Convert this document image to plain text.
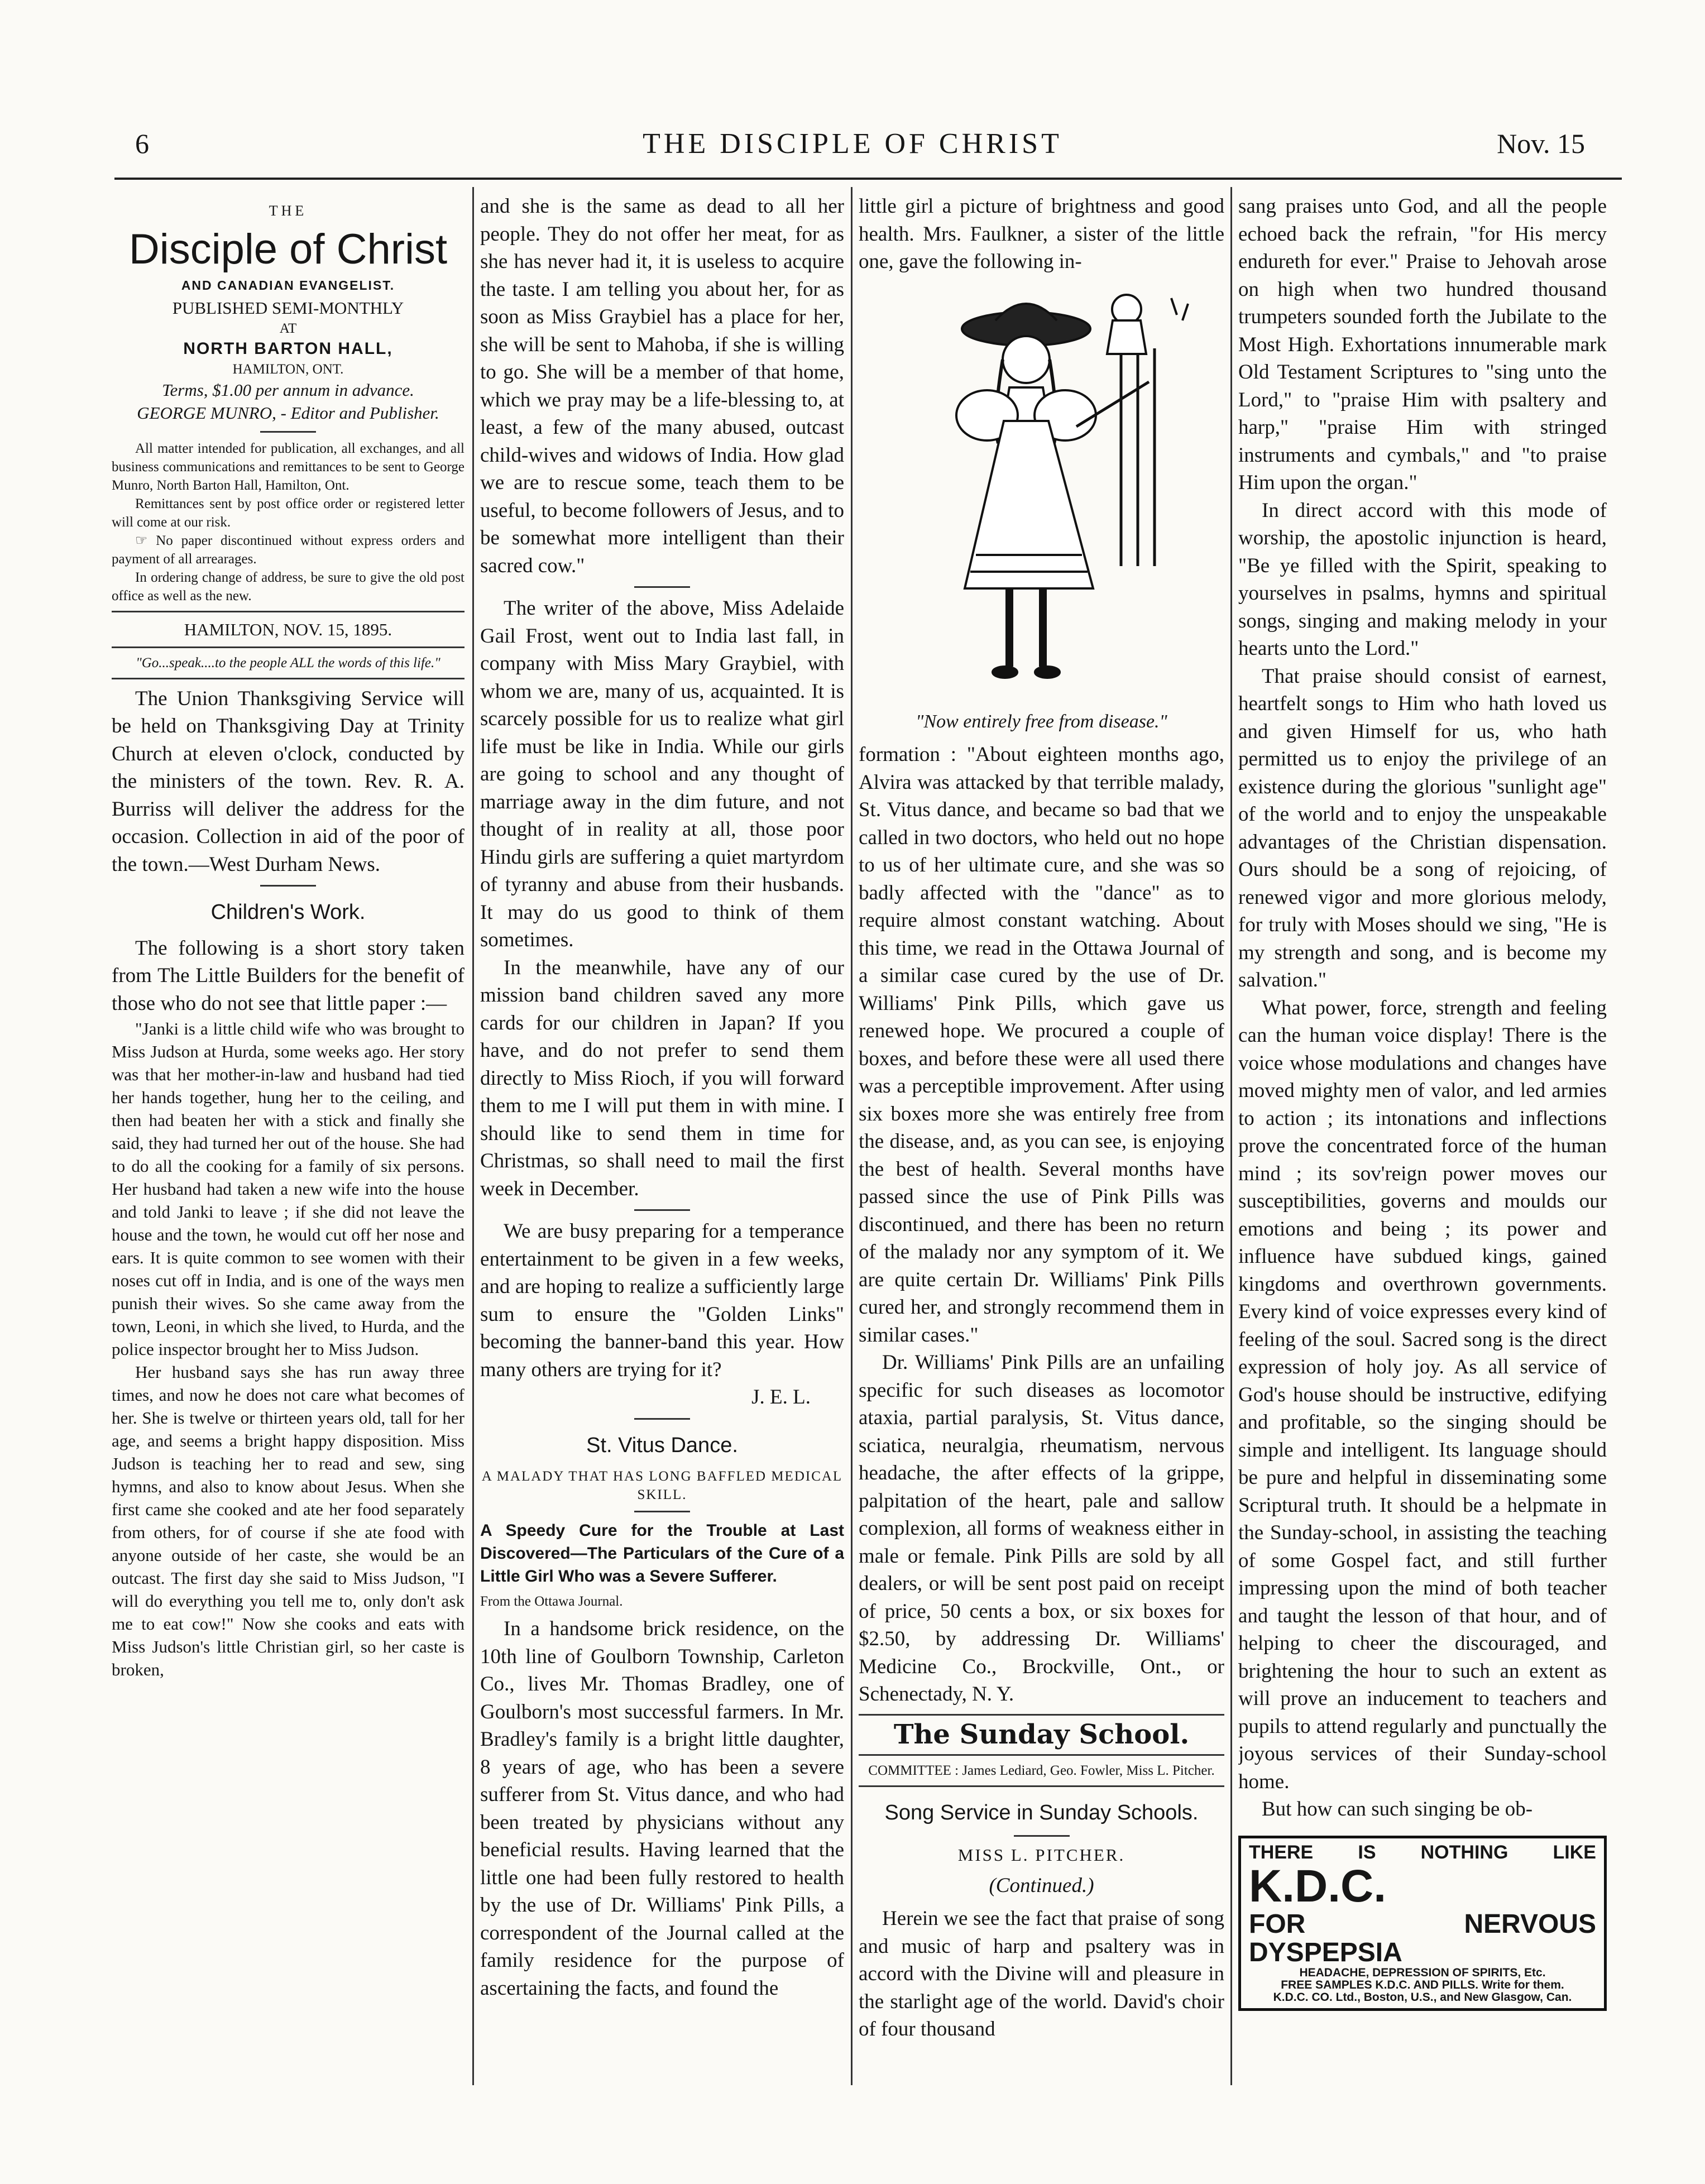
6	THE DISCIPLE OF CHRIST	Nov. 15
THE
Disciple of Christ
AND CANADIAN EVANGELIST.
PUBLISHED SEMI-MONTHLY
AT
NORTH BARTON HALL,
HAMILTON, ONT.
Terms, $1.00 per annum in advance.
GEORGE MUNRO, - Editor and Publisher.

All matter intended for publication, all exchanges, and all business communications and remittances to be sent to George Munro, North Barton Hall, Hamilton, Ont.

Remittances sent by post office order or registered letter will come at our risk.

☞ No paper discontinued without express orders and payment of all arrearages.

In ordering change of address, be sure to give the old post office as well as the new.

HAMILTON, NOV. 15, 1895.
"Go...speak....to the people ALL the words of this life."

The Union Thanksgiving Service will be held on Thanksgiving Day at Trinity Church at eleven o'clock, conducted by the ministers of the town. Rev. R. A. Burriss will deliver the address for the occasion. Collection in aid of the poor of the town.—West Durham News.

Children's Work.

The following is a short story taken from The Little Builders for the benefit of those who do not see that little paper :—

"Janki is a little child wife who was brought to Miss Judson at Hurda, some weeks ago. Her story was that her mother-in-law and husband had tied her hands together, hung her to the ceiling, and then had beaten her with a stick and finally she said, they had turned her out of the house. She had to do all the cooking for a family of six persons. Her husband had taken a new wife into the house and told Janki to leave ; if she did not leave the house and the town, he would cut off her nose and ears. It is quite common to see women with their noses cut off in India, and is one of the ways men punish their wives. So she came away from the town, Leoni, in which she lived, to Hurda, and the police inspector brought her to Miss Judson.

Her husband says she has run away three times, and now he does not care what becomes of her. She is twelve or thirteen years old, tall for her age, and seems a bright happy disposition. Miss Judson is teaching her to read and sew, sing hymns, and also to know about Jesus. When she first came she cooked and ate her food separately from others, for of course if she ate food with anyone outside of her caste, she would be an outcast. The first day she said to Miss Judson, "I will do everything you tell me to, only don't ask me to eat cow!" Now she cooks and eats with Miss Judson's little Christian girl, so her caste is broken,

and she is the same as dead to all her people. They do not offer her meat, for as she has never had it, it is useless to acquire the taste. I am telling you about her, for as soon as Miss Graybiel has a place for her, she will be sent to Mahoba, if she is willing to go. She will be a member of that home, which we pray may be a life-blessing to, at least, a few of the many abused, outcast child-wives and widows of India. How glad we are to rescue some, teach them to be useful, to become followers of Jesus, and to be somewhat more intelligent than their sacred cow."

The writer of the above, Miss Adelaide Gail Frost, went out to India last fall, in company with Miss Mary Graybiel, with whom we are, many of us, acquainted. It is scarcely possible for us to realize what girl life must be like in India. While our girls are going to school and any thought of marriage away in the dim future, and not thought of in reality at all, those poor Hindu girls are suffering a quiet martyrdom of tyranny and abuse from their husbands. It may do us good to think of them sometimes.

In the meanwhile, have any of our mission band children saved any more cards for our children in Japan? If you have, and do not prefer to send them directly to Miss Rioch, if you will forward them to me I will put them in with mine. I should like to send them in time for Christmas, so shall need to mail the first week in December.

We are busy preparing for a temperance entertainment to be given in a few weeks, and are hoping to realize a sufficiently large sum to ensure the "Golden Links" becoming the banner-band this year. How many others are trying for it?

J. E. L.
St. Vitus Dance.
A MALADY THAT HAS LONG BAFFLED MEDICAL SKILL.

A Speedy Cure for the Trouble at Last Discovered—The Particulars of the Cure of a Little Girl Who was a Severe Sufferer.

From the Ottawa Journal.

In a handsome brick residence, on the 10th line of Goulborn Township, Carleton Co., lives Mr. Thomas Bradley, one of Goulborn's most successful farmers. In Mr. Bradley's family is a bright little daughter, 8 years of age, who has been a severe sufferer from St. Vitus dance, and who had been treated by physicians without any beneficial results. Having learned that the little one had been fully restored to health by the use of Dr. Williams' Pink Pills, a correspondent of the Journal called at the family residence for the purpose of ascertaining the facts, and found the

little girl a picture of brightness and good health. Mrs. Faulkner, a sister of the little one, gave the following in-

"Now entirely free from disease."

formation : "About eighteen months ago, Alvira was attacked by that terrible malady, St. Vitus dance, and became so bad that we called in two doctors, who held out no hope to us of her ultimate cure, and she was so badly affected with the "dance" as to require almost constant watching. About this time, we read in the Ottawa Journal of a similar case cured by the use of Dr. Williams' Pink Pills, which gave us renewed hope. We procured a couple of boxes, and before these were all used there was a perceptible improvement. After using six boxes more she was entirely free from the disease, and, as you can see, is enjoying the best of health. Several months have passed since the use of Pink Pills was discontinued, and there has been no return of the malady nor any symptom of it. We are quite certain Dr. Williams' Pink Pills cured her, and strongly recommend them in similar cases."

Dr. Williams' Pink Pills are an unfailing specific for such diseases as locomotor ataxia, partial paralysis, St. Vitus dance, sciatica, neuralgia, rheumatism, nervous headache, the after effects of la grippe, palpitation of the heart, pale and sallow complexion, all forms of weakness either in male or female. Pink Pills are sold by all dealers, or will be sent post paid on receipt of price, 50 cents a box, or six boxes for $2.50, by addressing Dr. Williams' Medicine Co., Brockville, Ont., or Schenectady, N. Y.

The Sunday School.
COMMITTEE : James Lediard, Geo. Fowler, Miss L. Pitcher.
Song Service in Sunday Schools.
MISS L. PITCHER.
(Continued.)

Herein we see the fact that praise of song and music of harp and psaltery was in accord with the Divine will and pleasure in the starlight age of the world. David's choir of four thousand

sang praises unto God, and all the people echoed back the refrain, "for His mercy endureth for ever." Praise to Jehovah arose on high when two hundred thousand trumpeters sounded forth the Jubilate to the Most High. Exhortations innumerable mark Old Testament Scriptures to "sing unto the Lord," to "praise Him with psaltery and harp," "praise Him with stringed instruments and cymbals," and "to praise Him upon the organ."

In direct accord with this mode of worship, the apostolic injunction is heard, "Be ye filled with the Spirit, speaking to yourselves in psalms, hymns and spiritual songs, singing and making melody in your hearts unto the Lord."

That praise should consist of earnest, heartfelt songs to Him who hath loved us and given Himself for us, who hath permitted us to enjoy the privilege of an existence during the glorious "sunlight age" of the world and to enjoy the unspeakable advantages of the Christian dispensation. Ours should be a song of rejoicing, of renewed vigor and more glorious melody, for truly with Moses should we sing, "He is my strength and song, and is become my salvation."

What power, force, strength and feeling can the human voice display! There is the voice whose modulations and changes have moved mighty men of valor, and led armies to action ; its intonations and inflections prove the concentrated force of the human mind ; its sov'reign power moves our susceptibilities, governs and moulds our emotions and being ; its power and influence have subdued kings, gained kingdoms and overthrown governments. Every kind of voice expresses every kind of feeling of the soul. Sacred song is the direct expression of holy joy. As all service of God's house should be instructive, edifying and profitable, so the singing should be simple and intelligent. Its language should be pure and helpful in disseminating some Scriptural truth. It should be a helpmate in the Sunday-school, in assisting the teaching of some Gospel fact, and still further impressing upon the mind of both teacher and taught the lesson of that hour, and of helping to cheer the discouraged, and brightening the hour to such an extent as will prove an inducement to teachers and pupils to attend regularly and punctually the joyous services of their Sunday-school home.

But how can such singing be ob-

THERE IS NOTHING LIKE K.D.C.
FOR NERVOUS DYSPEPSIA
HEADACHE, DEPRESSION OF SPIRITS, Etc.
FREE SAMPLES K.D.C. AND PILLS. Write for them.
K.D.C. CO. Ltd., Boston, U.S., and New Glasgow, Can.
